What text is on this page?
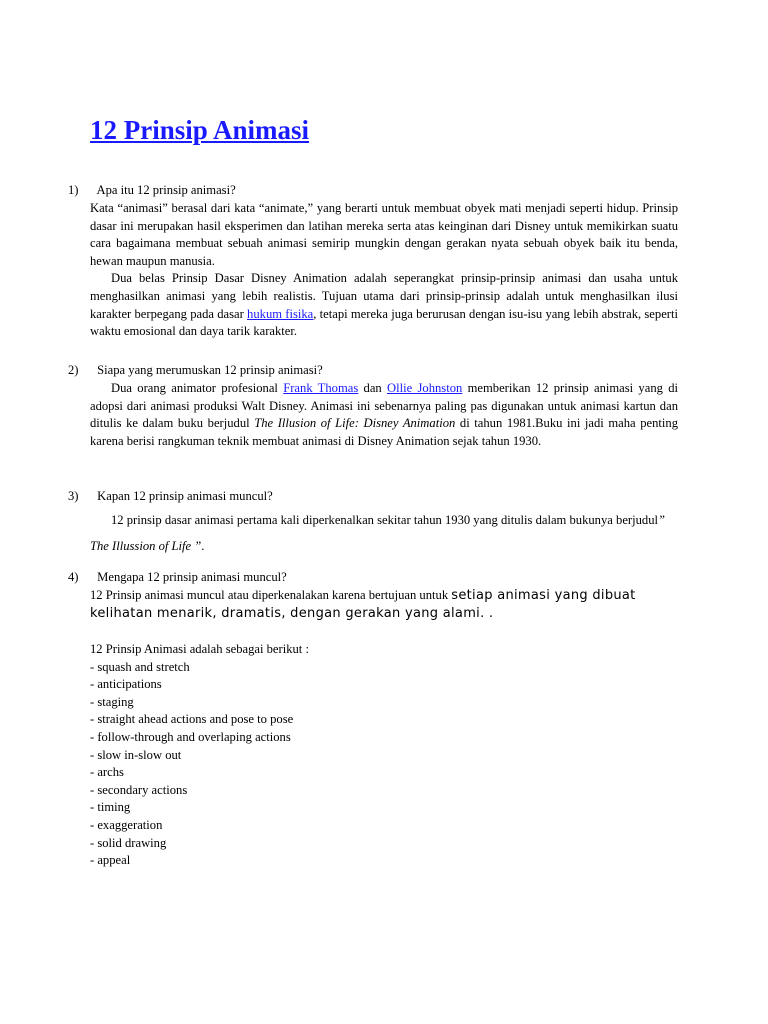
12 Prinsip Animasi
1) Apa itu 12 prinsip animasi?
Kata “animasi” berasal dari kata “animate,” yang berarti untuk membuat obyek mati menjadi seperti hidup. Prinsip dasar ini merupakan hasil eksperimen dan latihan mereka serta atas keinginan dari Disney untuk memikirkan suatu cara bagaimana membuat sebuah animasi semirip mungkin dengan gerakan nyata sebuah obyek baik itu benda, hewan maupun manusia.
Dua belas Prinsip Dasar Disney Animation adalah seperangkat prinsip-prinsip animasi dan usaha untuk menghasilkan animasi yang lebih realistis. Tujuan utama dari prinsip-prinsip adalah untuk menghasilkan ilusi karakter berpegang pada dasar hukum fisika, tetapi mereka juga berurusan dengan isu-isu yang lebih abstrak, seperti waktu emosional dan daya tarik karakter.
2) Siapa yang merumuskan 12 prinsip animasi?
Dua orang animator profesional Frank Thomas dan Ollie Johnston memberikan 12 prinsip animasi yang di adopsi dari animasi produksi Walt Disney. Animasi ini sebenarnya paling pas digunakan untuk animasi kartun dan ditulis ke dalam buku berjudul The Illusion of Life: Disney Animation di tahun 1981.Buku ini jadi maha penting karena berisi rangkuman teknik membuat animasi di Disney Animation sejak tahun 1930.
3) Kapan 12 prinsip animasi muncul?
12 prinsip dasar animasi pertama kali diperkenalkan sekitar tahun 1930 yang ditulis dalam bukunya berjudul” The Illussion of Life ”.
4) Mengapa 12 prinsip animasi muncul?
12 Prinsip animasi muncul atau diperkenalakan karena bertujuan untuk setiap animasi yang dibuat kelihatan menarik, dramatis, dengan gerakan yang alami. .
12 Prinsip Animasi adalah sebagai berikut :
- squash and stretch
- anticipations
- staging
- straight ahead actions and pose to pose
- follow-through and overlaping actions
- slow in-slow out
- archs
- secondary actions
- timing
- exaggeration
- solid drawing
- appeal
